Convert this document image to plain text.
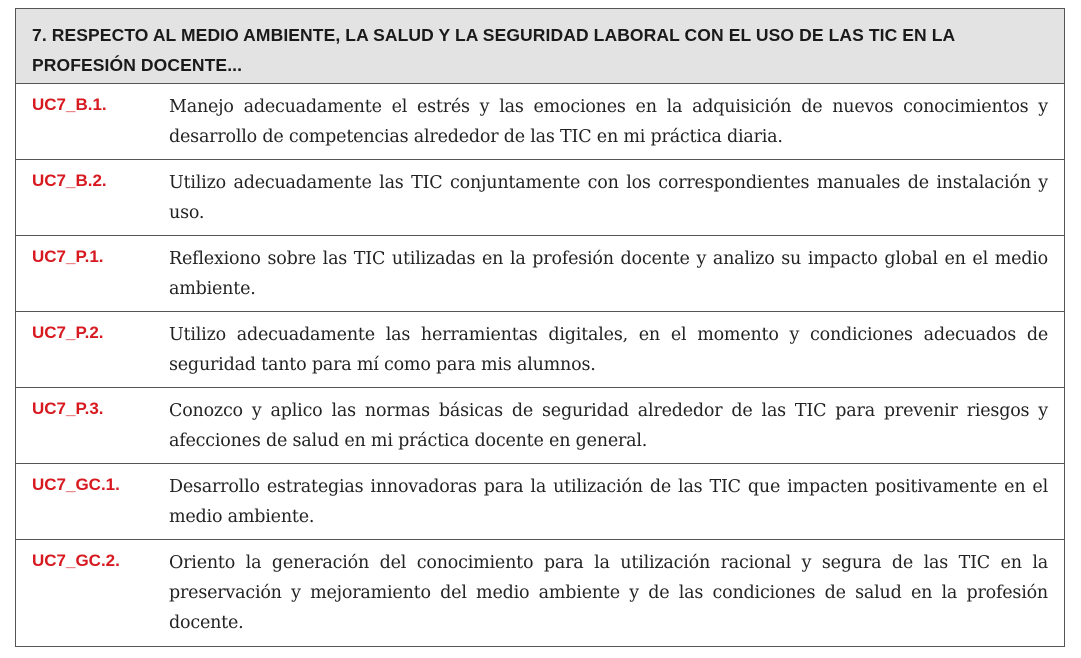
7. RESPECTO AL MEDIO AMBIENTE, LA SALUD Y LA SEGURIDAD LABORAL CON EL USO DE LAS TIC EN LA PROFESIÓN DOCENTE...
UC7_B.1.	Manejo adecuadamente el estrés y las emociones en la adquisición de nuevos conocimientos y desarrollo de competencias alrededor de las TIC en mi práctica diaria.
UC7_B.2.	Utilizo adecuadamente las TIC conjuntamente con los correspondientes manuales de instalación y uso.
UC7_P.1.	Reflexiono sobre las TIC utilizadas en la profesión docente y analizo su impacto global en el medio ambiente.
UC7_P.2.	Utilizo adecuadamente las herramientas digitales, en el momento y condiciones adecuados de seguridad tanto para mí como para mis alumnos.
UC7_P.3.	Conozco y aplico las normas básicas de seguridad alrededor de las TIC para prevenir riesgos y afecciones de salud en mi práctica docente en general.
UC7_GC.1.	Desarrollo estrategias innovadoras para la utilización de las TIC que impacten positivamente en el medio ambiente.
UC7_GC.2.	Oriento la generación del conocimiento para la utilización racional y segura de las TIC en la preservación y mejoramiento del medio ambiente y de las condiciones de salud en la profesión docente.
